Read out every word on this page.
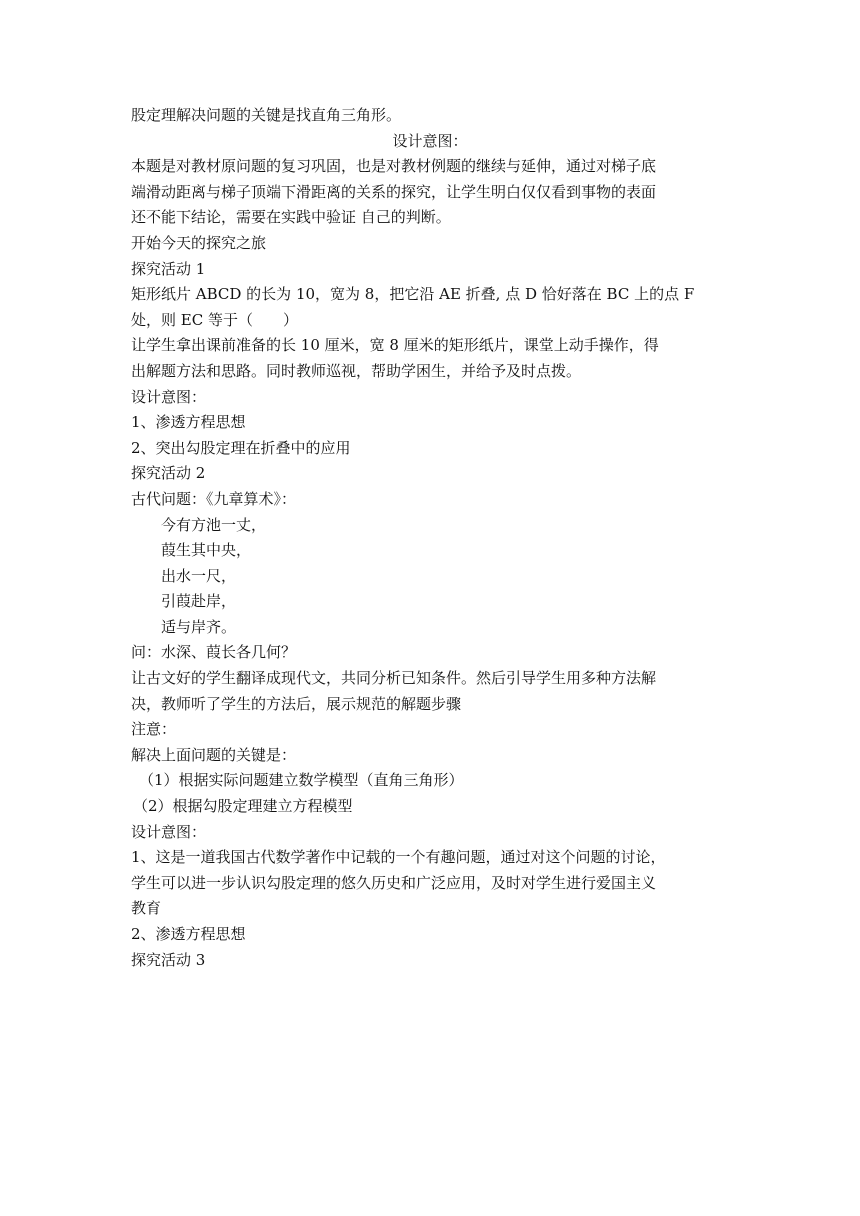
股定理解决问题的关键是找直角三角形。
设计意图：
本题是对教材原问题的复习巩固，也是对教材例题的继续与延伸，通过对梯子底
端滑动距离与梯子顶端下滑距离的关系的探究，让学生明白仅仅看到事物的表面
还不能下结论，需要在实践中验证 自己的判断。
开始今天的探究之旅
探究活动 1
矩形纸片 ABCD 的长为 10，宽为 8，把它沿 AE 折叠, 点 D 恰好落在 BC 上的点 F
处，则 EC 等于（　　）
让学生拿出课前准备的长 10 厘米，宽 8 厘米的矩形纸片，课堂上动手操作，得
出解题方法和思路。同时教师巡视，帮助学困生，并给予及时点拨。
设计意图：
1、渗透方程思想
2、突出勾股定理在折叠中的应用
探究活动 2
古代问题：《九章算术》：
今有方池一丈，
葭生其中央，
出水一尺，
引葭赴岸，
适与岸齐。
问：水深、葭长各几何？
让古文好的学生翻译成现代文，共同分析已知条件。然后引导学生用多种方法解
决，教师听了学生的方法后，展示规范的解题步骤
注意：
解决上面问题的关键是：
（1）根据实际问题建立数学模型（直角三角形）
（2）根据勾股定理建立方程模型
设计意图：
1、这是一道我国古代数学著作中记载的一个有趣问题，通过对这个问题的讨论，
学生可以进一步认识勾股定理的悠久历史和广泛应用，及时对学生进行爱国主义
教育
2、渗透方程思想
探究活动 3
